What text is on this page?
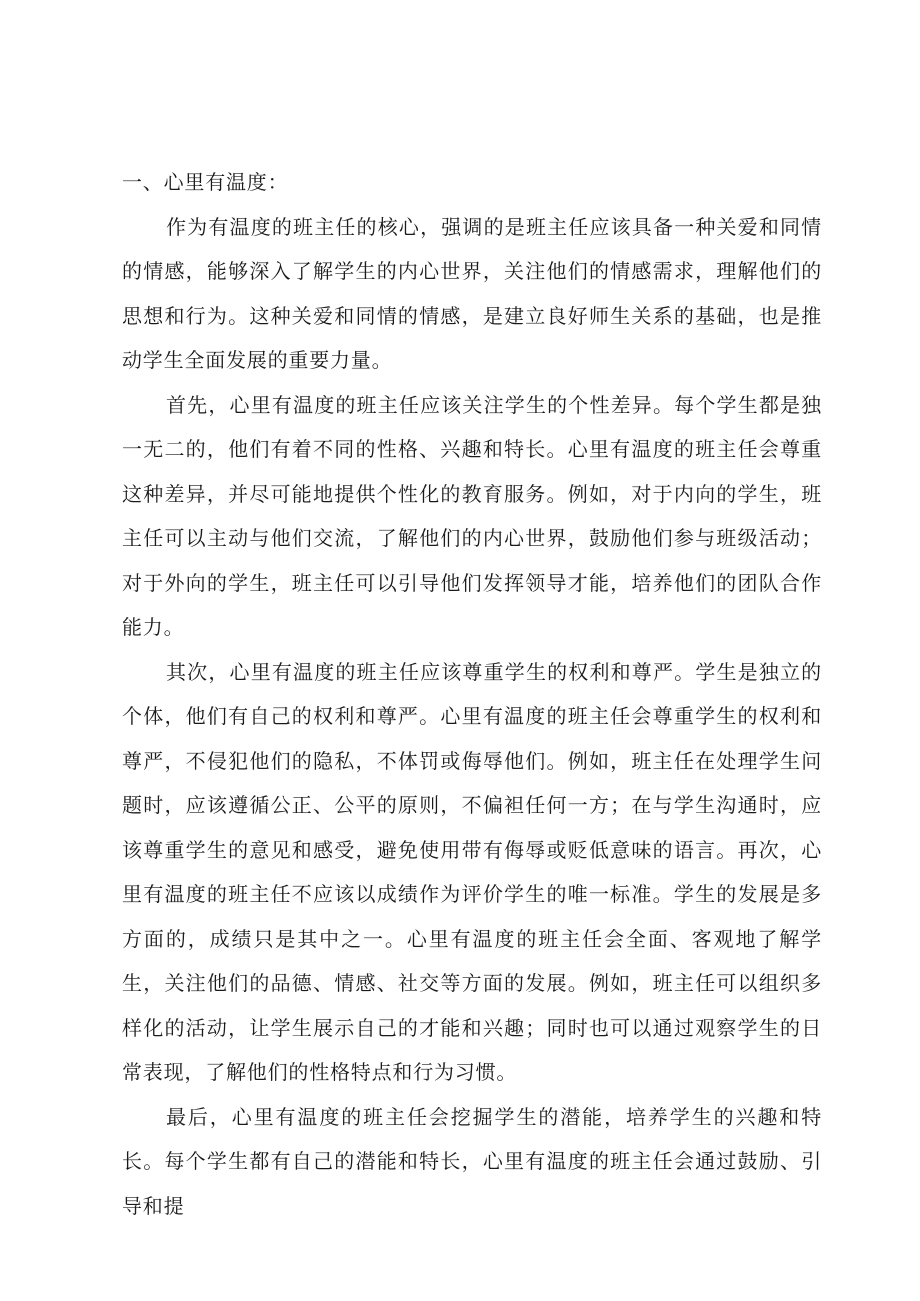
一、心里有温度：

作为有温度的班主任的核心，强调的是班主任应该具备一种关爱和同情的情感，能够深入了解学生的内心世界，关注他们的情感需求，理解他们的思想和行为。这种关爱和同情的情感，是建立良好师生关系的基础，也是推动学生全面发展的重要力量。

首先，心里有温度的班主任应该关注学生的个性差异。每个学生都是独一无二的，他们有着不同的性格、兴趣和特长。心里有温度的班主任会尊重这种差异，并尽可能地提供个性化的教育服务。例如，对于内向的学生，班主任可以主动与他们交流，了解他们的内心世界，鼓励他们参与班级活动；对于外向的学生，班主任可以引导他们发挥领导才能，培养他们的团队合作能力。

其次，心里有温度的班主任应该尊重学生的权利和尊严。学生是独立的个体，他们有自己的权利和尊严。心里有温度的班主任会尊重学生的权利和尊严，不侵犯他们的隐私，不体罚或侮辱他们。例如，班主任在处理学生问题时，应该遵循公正、公平的原则，不偏袒任何一方；在与学生沟通时，应该尊重学生的意见和感受，避免使用带有侮辱或贬低意味的语言。再次，心里有温度的班主任不应该以成绩作为评价学生的唯一标准。学生的发展是多方面的，成绩只是其中之一。心里有温度的班主任会全面、客观地了解学生，关注他们的品德、情感、社交等方面的发展。例如，班主任可以组织多样化的活动，让学生展示自己的才能和兴趣；同时也可以通过观察学生的日常表现，了解他们的性格特点和行为习惯。

最后，心里有温度的班主任会挖掘学生的潜能，培养学生的兴趣和特长。每个学生都有自己的潜能和特长，心里有温度的班主任会通过鼓励、引导和提
